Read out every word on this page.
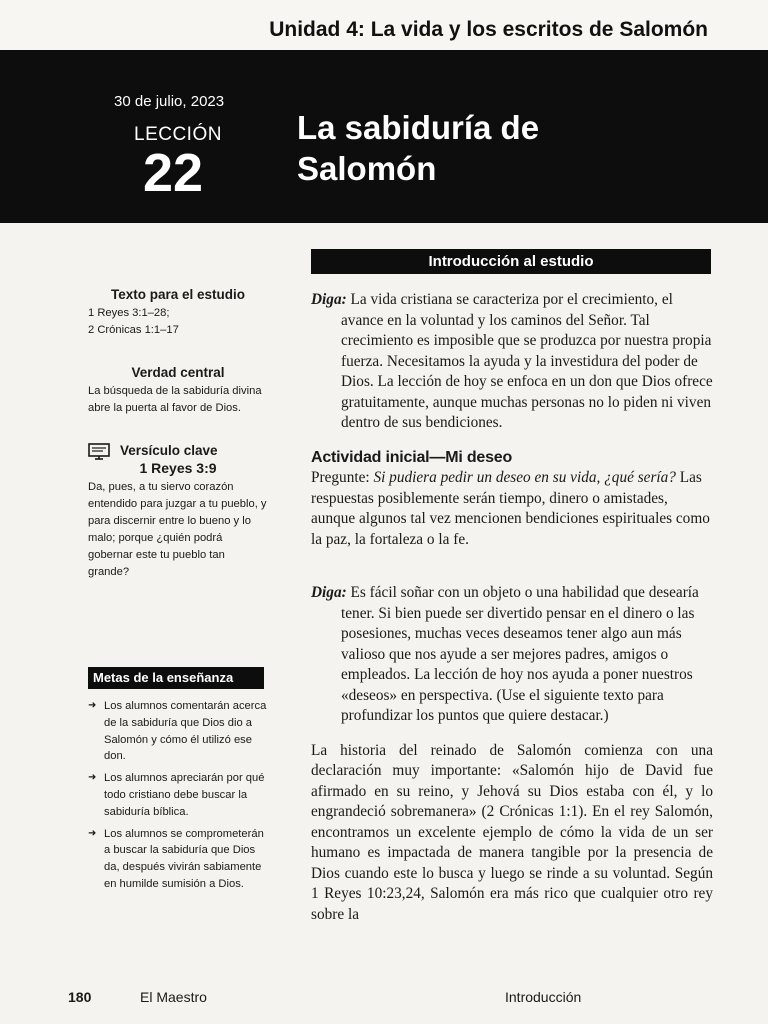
Unidad 4: La vida y los escritos de Salomón
30 de julio, 2023
LECCIÓN
22
La sabiduría de
Salomón

Texto para el estudio

1 Reyes 3:1–28;

2 Crónicas 1:1–17

Verdad central

La búsqueda de la sabiduría divina abre la puerta al favor de Dios.

Versículo clave

1 Reyes 3:9

Da, pues, a tu siervo corazón entendido para juzgar a tu pueblo, y para discernir entre lo bueno y lo malo; porque ¿quién podrá gobernar este tu pueblo tan grande?

Metas de la enseñanza
➜ Los alumnos comentarán acerca de la sabiduría que Dios dio a Salomón y cómo él utilizó ese don.
➜ Los alumnos apreciarán por qué todo cristiano debe buscar la sabiduría bíblica.
➜ Los alumnos se comprometerán a buscar la sabiduría que Dios da, después vivirán sabiamente en humilde sumisión a Dios.
Introducción al estudio

Diga: La vida cristiana se caracteriza por el crecimiento, el avance en la voluntad y los caminos del Señor. Tal crecimiento es imposible que se produzca por nuestra propia fuerza. Necesitamos la ayuda y la investidura del poder de Dios. La lección de hoy se enfoca en un don que Dios ofrece gratuitamente, aunque muchas personas no lo piden ni viven dentro de sus bendiciones.

Actividad inicial—Mi deseo

Pregunte: Si pudiera pedir un deseo en su vida, ¿qué sería? Las respuestas posiblemente serán tiempo, dinero o amistades, aunque algunos tal vez mencionen bendiciones espirituales como la paz, la fortaleza o la fe.

Diga: Es fácil soñar con un objeto o una habilidad que desearía tener. Si bien puede ser divertido pensar en el dinero o las posesiones, muchas veces deseamos tener algo aun más valioso que nos ayude a ser mejores padres, amigos o empleados. La lección de hoy nos ayuda a poner nuestros «deseos» en perspectiva. (Use el siguiente texto para profundizar los puntos que quiere destacar.)

La historia del reinado de Salomón comienza con una declaración muy importante: «Salomón hijo de David fue afirmado en su reino, y Jehová su Dios estaba con él, y lo engrandeció sobremanera» (2 Crónicas 1:1). En el rey Salomón, encontramos un excelente ejemplo de cómo la vida de un ser humano es impactada de manera tangible por la presencia de Dios cuando este lo busca y luego se rinde a su voluntad. Según 1 Reyes 10:23,24, Salomón era más rico que cualquier otro rey sobre la

180	El Maestro	Introducción
